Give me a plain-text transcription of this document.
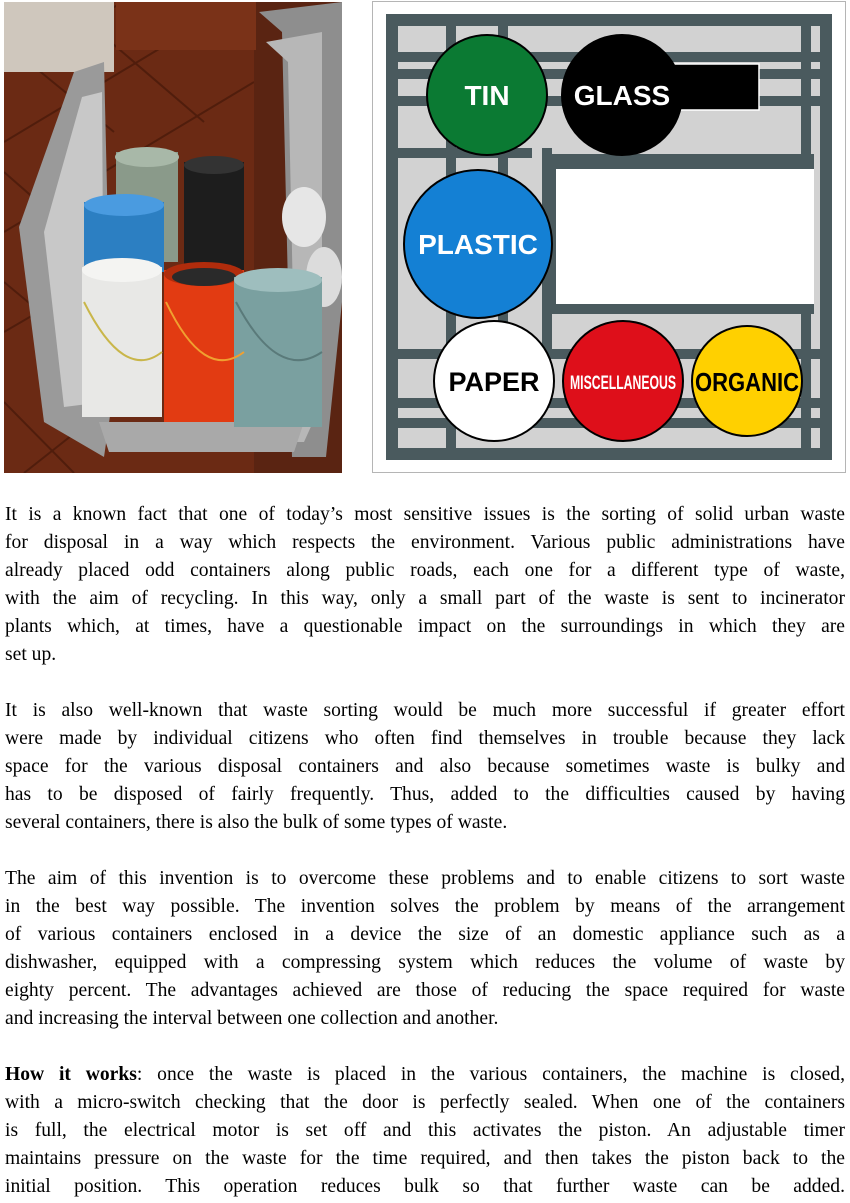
TIN GLASS
PLASTIC
PAPER MISCELLANEOUS ORGANIC
It is a known fact that one of today’s most sensitive issues is the sorting of solid urban waste
for disposal in a way which respects the environment. Various public administrations have
already placed odd containers along public roads, each one for a different type of waste,
with the aim of recycling. In this way, only a small part of the waste is sent to incinerator
plants which, at times, have a questionable impact on the surroundings in which they are
set up.
It is also well-known that waste sorting would be much more successful if greater effort
were made by individual citizens who often find themselves in trouble because they lack
space for the various disposal containers and also because sometimes waste is bulky and
has to be disposed of fairly frequently. Thus, added to the difficulties caused by having
several containers, there is also the bulk of some types of waste.
The aim of this invention is to overcome these problems and to enable citizens to sort waste
in the best way possible. The invention solves the problem by means of the arrangement
of various containers enclosed in a device the size of an domestic appliance such as a
dishwasher, equipped with a compressing system which reduces the volume of waste by
eighty percent. The advantages achieved are those of reducing the space required for waste
and increasing the interval between one collection and another.
How it works: once the waste is placed in the various containers, the machine is closed,
with a micro-switch checking that the door is perfectly sealed. When one of the containers
is full, the electrical motor is set off and this activates the piston. An adjustable timer
maintains pressure on the waste for the time required, and then takes the piston back to the
initial position. This operation reduces bulk so that further waste can be added.
